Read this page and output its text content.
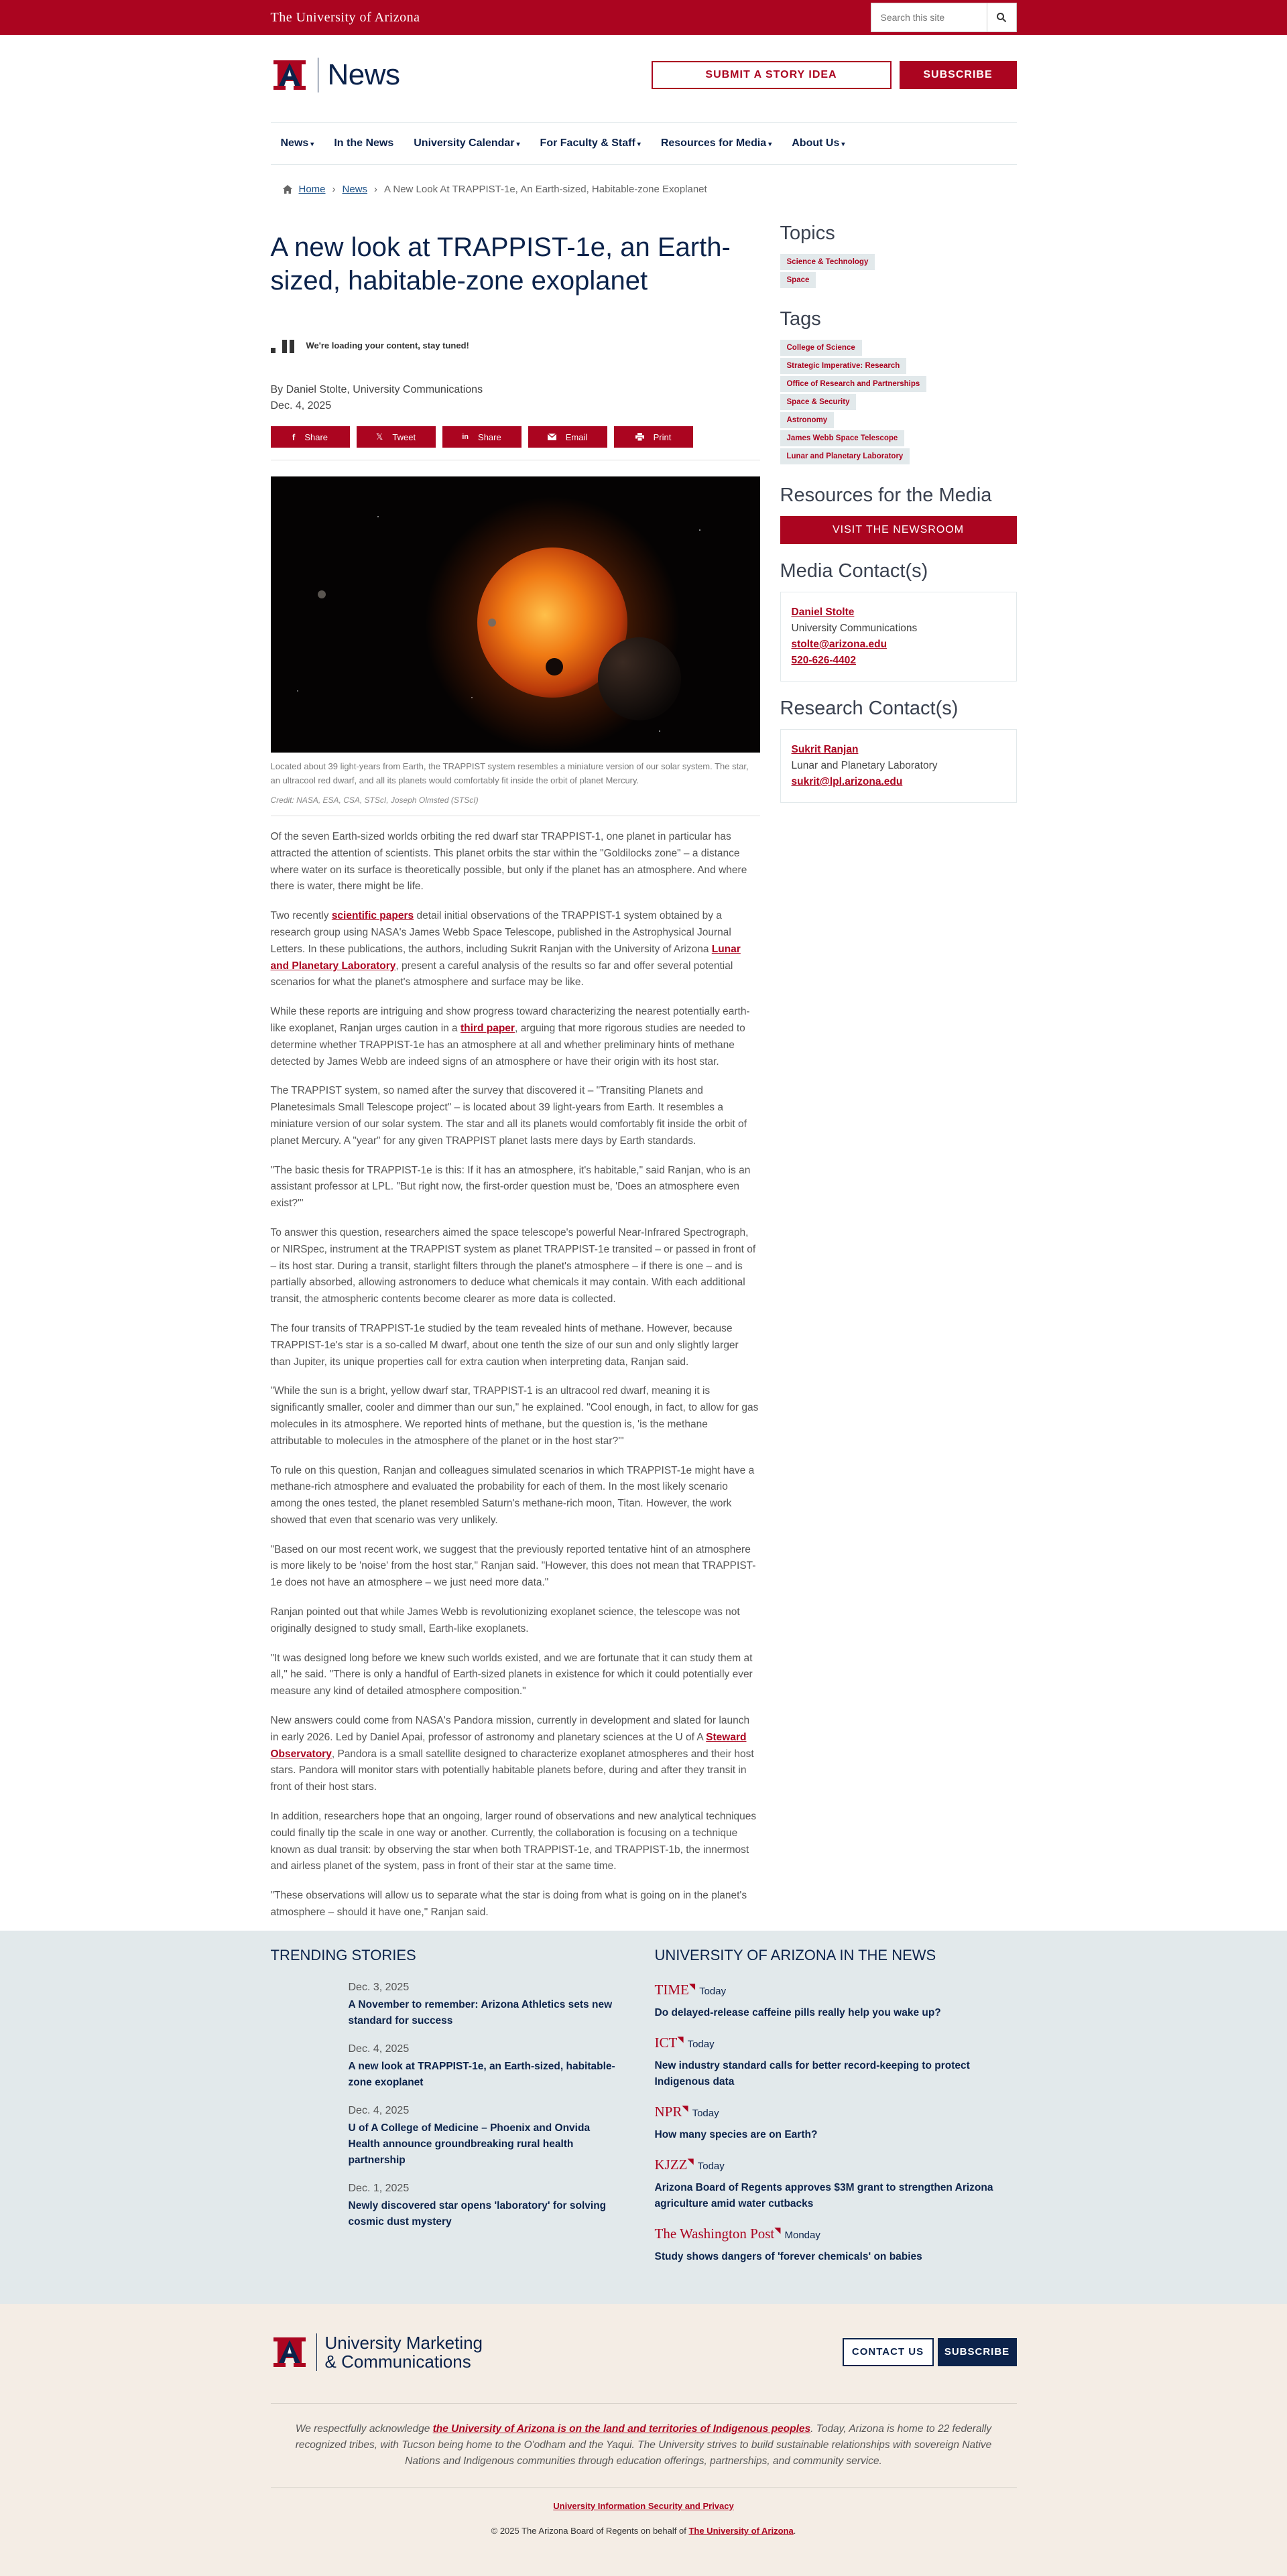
The University of Arizona
Search this site
News	SUBMIT A STORY IDEA	SUBSCRIBE
News ▾	In the News	University Calendar ▾	For Faculty & Staff ▾	Resources for Media ▾	About Us ▾
Home › News › A New Look At TRAPPIST-1e, An Earth-sized, Habitable-zone Exoplanet
A new look at TRAPPIST-1e, an Earth-sized, habitable-zone exoplanet
We're loading your content, stay tuned!
By Daniel Stolte, University Communications
Dec. 4, 2025
f Share	𝕏 Tweet	in Share	Email	Print

Located about 39 light-years from Earth, the TRAPPIST system resembles a miniature version of our solar system. The star, an ultracool red dwarf, and all its planets would comfortably fit inside the orbit of planet Mercury.

Credit: NASA, ESA, CSA, STScI, Joseph Olmsted (STScI)

Of the seven Earth-sized worlds orbiting the red dwarf star TRAPPIST-1, one planet in particular has attracted the attention of scientists. This planet orbits the star within the "Goldilocks zone" – a distance where water on its surface is theoretically possible, but only if the planet has an atmosphere. And where there is water, there might be life.

Two recently scientific papers detail initial observations of the TRAPPIST-1 system obtained by a research group using NASA's James Webb Space Telescope, published in the Astrophysical Journal Letters. In these publications, the authors, including Sukrit Ranjan with the University of Arizona Lunar and Planetary Laboratory, present a careful analysis of the results so far and offer several potential scenarios for what the planet's atmosphere and surface may be like.

While these reports are intriguing and show progress toward characterizing the nearest potentially earth-like exoplanet, Ranjan urges caution in a third paper, arguing that more rigorous studies are needed to determine whether TRAPPIST-1e has an atmosphere at all and whether preliminary hints of methane detected by James Webb are indeed signs of an atmosphere or have their origin with its host star.

The TRAPPIST system, so named after the survey that discovered it – "Transiting Planets and Planetesimals Small Telescope project" – is located about 39 light-years from Earth. It resembles a miniature version of our solar system. The star and all its planets would comfortably fit inside the orbit of planet Mercury. A "year" for any given TRAPPIST planet lasts mere days by Earth standards.

"The basic thesis for TRAPPIST-1e is this: If it has an atmosphere, it's habitable," said Ranjan, who is an assistant professor at LPL. "But right now, the first-order question must be, 'Does an atmosphere even exist?'"

To answer this question, researchers aimed the space telescope's powerful Near-Infrared Spectrograph, or NIRSpec, instrument at the TRAPPIST system as planet TRAPPIST-1e transited – or passed in front of – its host star. During a transit, starlight filters through the planet's atmosphere – if there is one – and is partially absorbed, allowing astronomers to deduce what chemicals it may contain. With each additional transit, the atmospheric contents become clearer as more data is collected.

The four transits of TRAPPIST-1e studied by the team revealed hints of methane. However, because TRAPPIST-1e's star is a so-called M dwarf, about one tenth the size of our sun and only slightly larger than Jupiter, its unique properties call for extra caution when interpreting data, Ranjan said.

"While the sun is a bright, yellow dwarf star, TRAPPIST-1 is an ultracool red dwarf, meaning it is significantly smaller, cooler and dimmer than our sun," he explained. "Cool enough, in fact, to allow for gas molecules in its atmosphere. We reported hints of methane, but the question is, 'is the methane attributable to molecules in the atmosphere of the planet or in the host star?'"

To rule on this question, Ranjan and colleagues simulated scenarios in which TRAPPIST-1e might have a methane-rich atmosphere and evaluated the probability for each of them. In the most likely scenario among the ones tested, the planet resembled Saturn's methane-rich moon, Titan. However, the work showed that even that scenario was very unlikely.

"Based on our most recent work, we suggest that the previously reported tentative hint of an atmosphere is more likely to be 'noise' from the host star," Ranjan said. "However, this does not mean that TRAPPIST-1e does not have an atmosphere – we just need more data."

Ranjan pointed out that while James Webb is revolutionizing exoplanet science, the telescope was not originally designed to study small, Earth-like exoplanets.

"It was designed long before we knew such worlds existed, and we are fortunate that it can study them at all," he said. "There is only a handful of Earth-sized planets in existence for which it could potentially ever measure any kind of detailed atmosphere composition."

New answers could come from NASA's Pandora mission, currently in development and slated for launch in early 2026. Led by Daniel Apai, professor of astronomy and planetary sciences at the U of A Steward Observatory, Pandora is a small satellite designed to characterize exoplanet atmospheres and their host stars. Pandora will monitor stars with potentially habitable planets before, during and after they transit in front of their host stars.

In addition, researchers hope that an ongoing, larger round of observations and new analytical techniques could finally tip the scale in one way or another. Currently, the collaboration is focusing on a technique known as dual transit: by observing the star when both TRAPPIST-1e, and TRAPPIST-1b, the innermost and airless planet of the system, pass in front of their star at the same time.

"These observations will allow us to separate what the star is doing from what is going on in the planet's atmosphere – should it have one," Ranjan said.

Topics
Science & Technology
Space
Tags
College of Science
Strategic Imperative: Research
Office of Research and Partnerships
Space & Security
Astronomy
James Webb Space Telescope
Lunar and Planetary Laboratory
Resources for the Media
VISIT THE NEWSROOM
Media Contact(s)
Daniel Stolte
University Communications
stolte@arizona.edu
520-626-4402
Research Contact(s)
Sukrit Ranjan
Lunar and Planetary Laboratory
sukrit@lpl.arizona.edu
TRENDING STORIES
Dec. 3, 2025
A November to remember: Arizona Athletics sets new standard for success
Dec. 4, 2025
A new look at TRAPPIST-1e, an Earth-sized, habitable-zone exoplanet
Dec. 4, 2025
U of A College of Medicine – Phoenix and Onvida Health announce groundbreaking rural health partnership
Dec. 1, 2025
Newly discovered star opens 'laboratory' for solving cosmic dust mystery
UNIVERSITY OF ARIZONA IN THE NEWS
TIME◥ Today
Do delayed-release caffeine pills really help you wake up?
ICT◥ Today
New industry standard calls for better record-keeping to protect Indigenous data
NPR◥ Today
How many species are on Earth?
KJZZ◥ Today
Arizona Board of Regents approves $3M grant to strengthen Arizona agriculture amid water cutbacks
The Washington Post◥ Monday
Study shows dangers of 'forever chemicals' on babies
University Marketing
& Communications	CONTACT US	SUBSCRIBE

We respectfully acknowledge the University of Arizona is on the land and territories of Indigenous peoples. Today, Arizona is home to 22 federally recognized tribes, with Tucson being home to the O'odham and the Yaqui. The University strives to build sustainable relationships with sovereign Native Nations and Indigenous communities through education offerings, partnerships, and community service.

University Information Security and Privacy
© 2025 The Arizona Board of Regents on behalf of The University of Arizona.
